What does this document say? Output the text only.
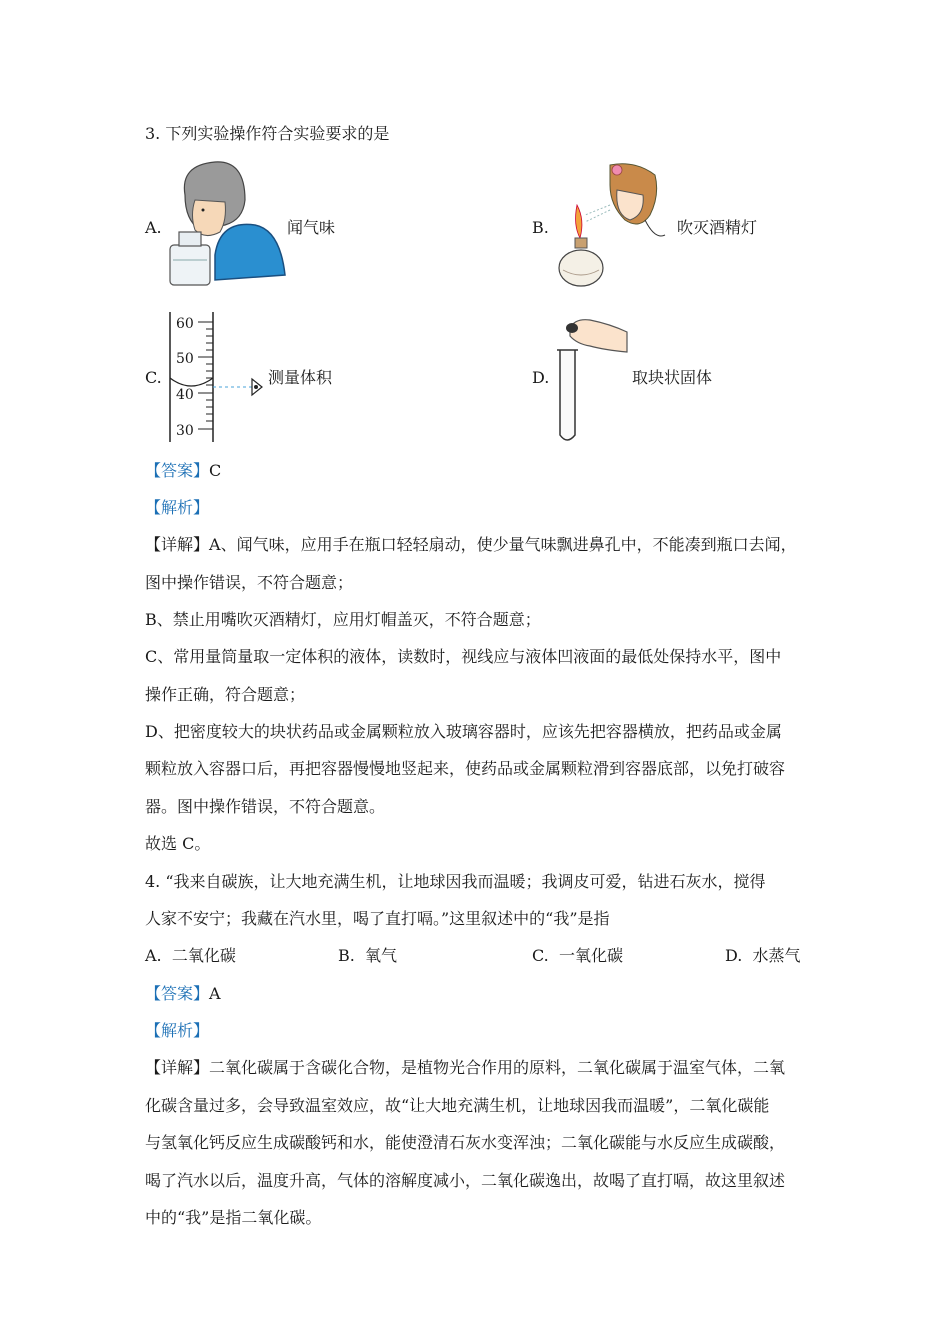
3. 下列实验操作符合实验要求的是
A.	闻气味	B.	吹灭酒精灯
C.
60
50
40
30
测量体积	D.	取块状固体
【答案】C
【解析】
【详解】A、闻气味，应用手在瓶口轻轻扇动，使少量气味飘进鼻孔中，不能凑到瓶口去闻，
图中操作错误，不符合题意；
B、禁止用嘴吹灭酒精灯，应用灯帽盖灭，不符合题意；
C、常用量筒量取一定体积的液体，读数时，视线应与液体凹液面的最低处保持水平，图中
操作正确，符合题意；
D、把密度较大的块状药品或金属颗粒放入玻璃容器时，应该先把容器横放，把药品或金属
颗粒放入容器口后，再把容器慢慢地竖起来，使药品或金属颗粒滑到容器底部，以免打破容
器。图中操作错误，不符合题意。
故选 C。
4. “我来自碳族，让大地充满生机，让地球因我而温暖；我调皮可爱，钻进石灰水，搅得
人家不安宁；我藏在汽水里，喝了直打嗝。”这里叙述中的“我”是指
A. 二氧化碳	B. 氧气	C. 一氧化碳	D. 水蒸气
【答案】A
【解析】
【详解】二氧化碳属于含碳化合物，是植物光合作用的原料，二氧化碳属于温室气体，二氧
化碳含量过多，会导致温室效应，故“让大地充满生机，让地球因我而温暖”，二氧化碳能
与氢氧化钙反应生成碳酸钙和水，能使澄清石灰水变浑浊；二氧化碳能与水反应生成碳酸，
喝了汽水以后，温度升高，气体的溶解度减小，二氧化碳逸出，故喝了直打嗝，故这里叙述
中的“我”是指二氧化碳。
